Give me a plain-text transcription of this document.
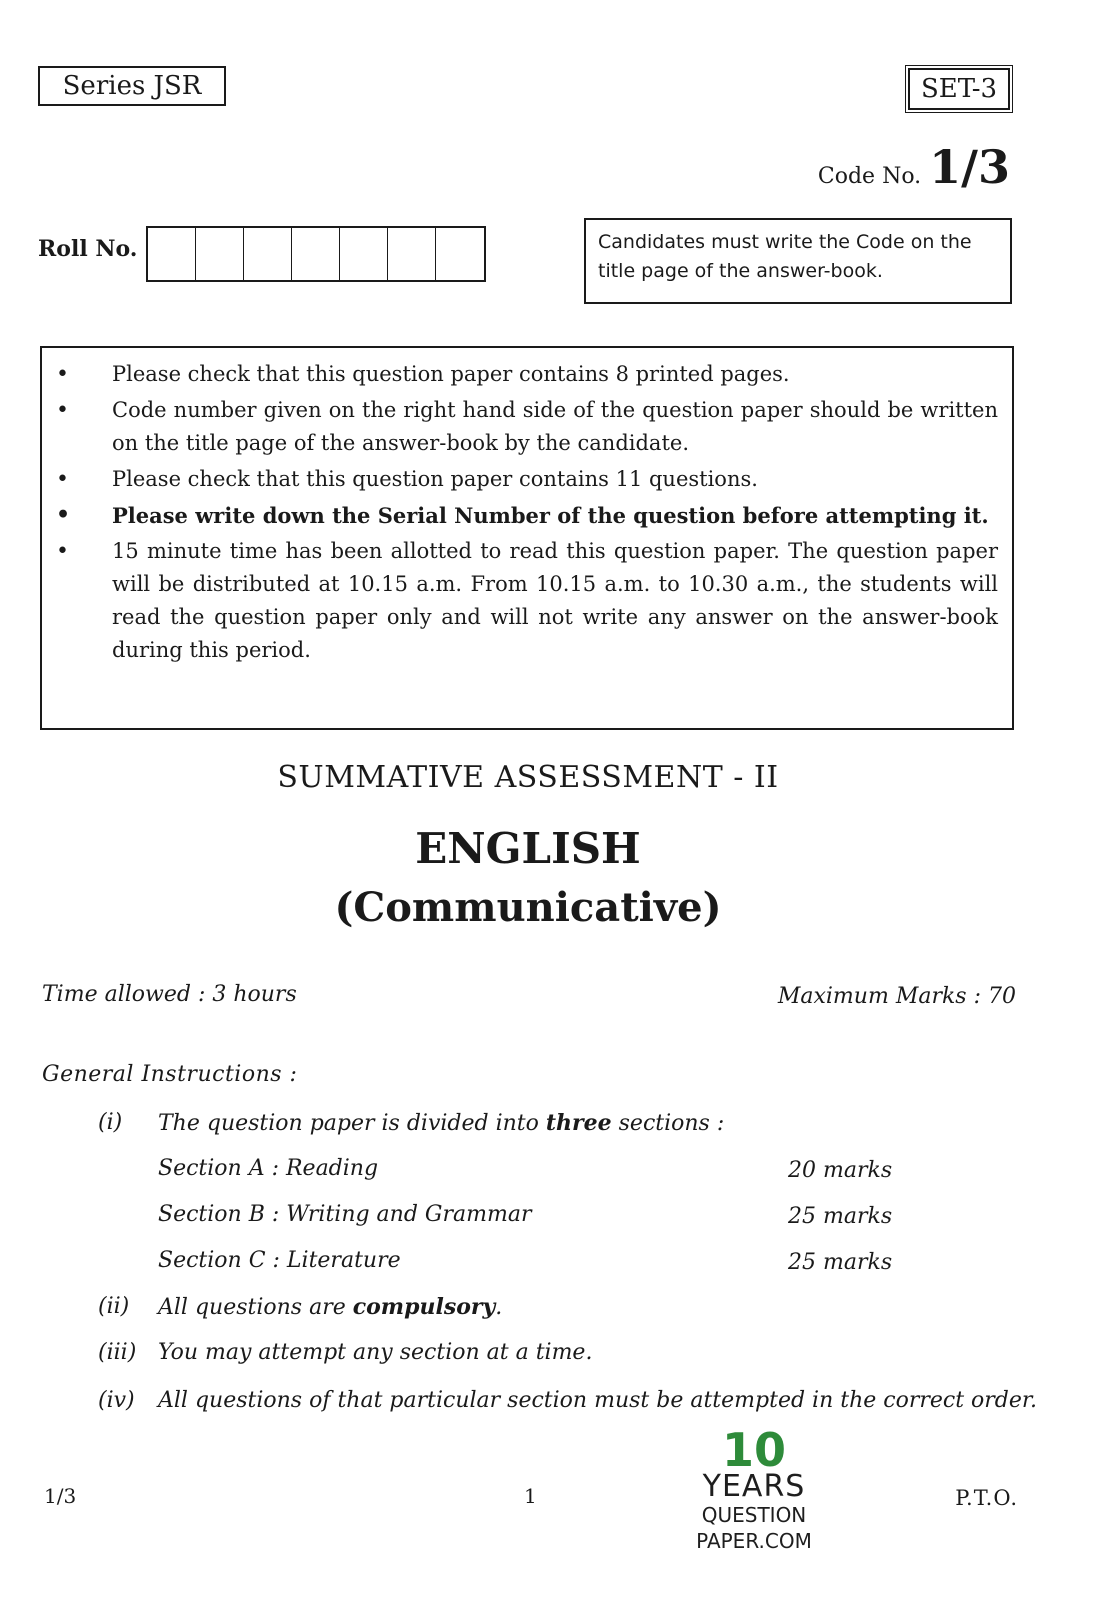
Series JSR	SET-3
Code No. 1/3
Roll No.	Candidates must write the Code on the title page of the answer-book.
• Please check that this question paper contains 8 printed pages.
• Code number given on the right hand side of the question paper should be written on the title page of the answer-book by the candidate.
• Please check that this question paper contains 11 questions.
• Please write down the Serial Number of the question before attempting it.
• 15 minute time has been allotted to read this question paper. The question paper will be distributed at 10.15 a.m. From 10.15 a.m. to 10.30 a.m., the students will read the question paper only and will not write any answer on the answer-book during this period.
SUMMATIVE ASSESSMENT - II
ENGLISH
(Communicative)
Time allowed : 3 hours	Maximum Marks : 70
General Instructions :
(i) The question paper is divided into three sections :
Section A : Reading	20 marks
Section B : Writing and Grammar	25 marks
Section C : Literature	25 marks
(ii) All questions are compulsory.
(iii) You may attempt any section at a time.
(iv) All questions of that particular section must be attempted in the correct order.
1/3	1	P.T.O.
10
YEARS
QUESTION PAPER.COM
